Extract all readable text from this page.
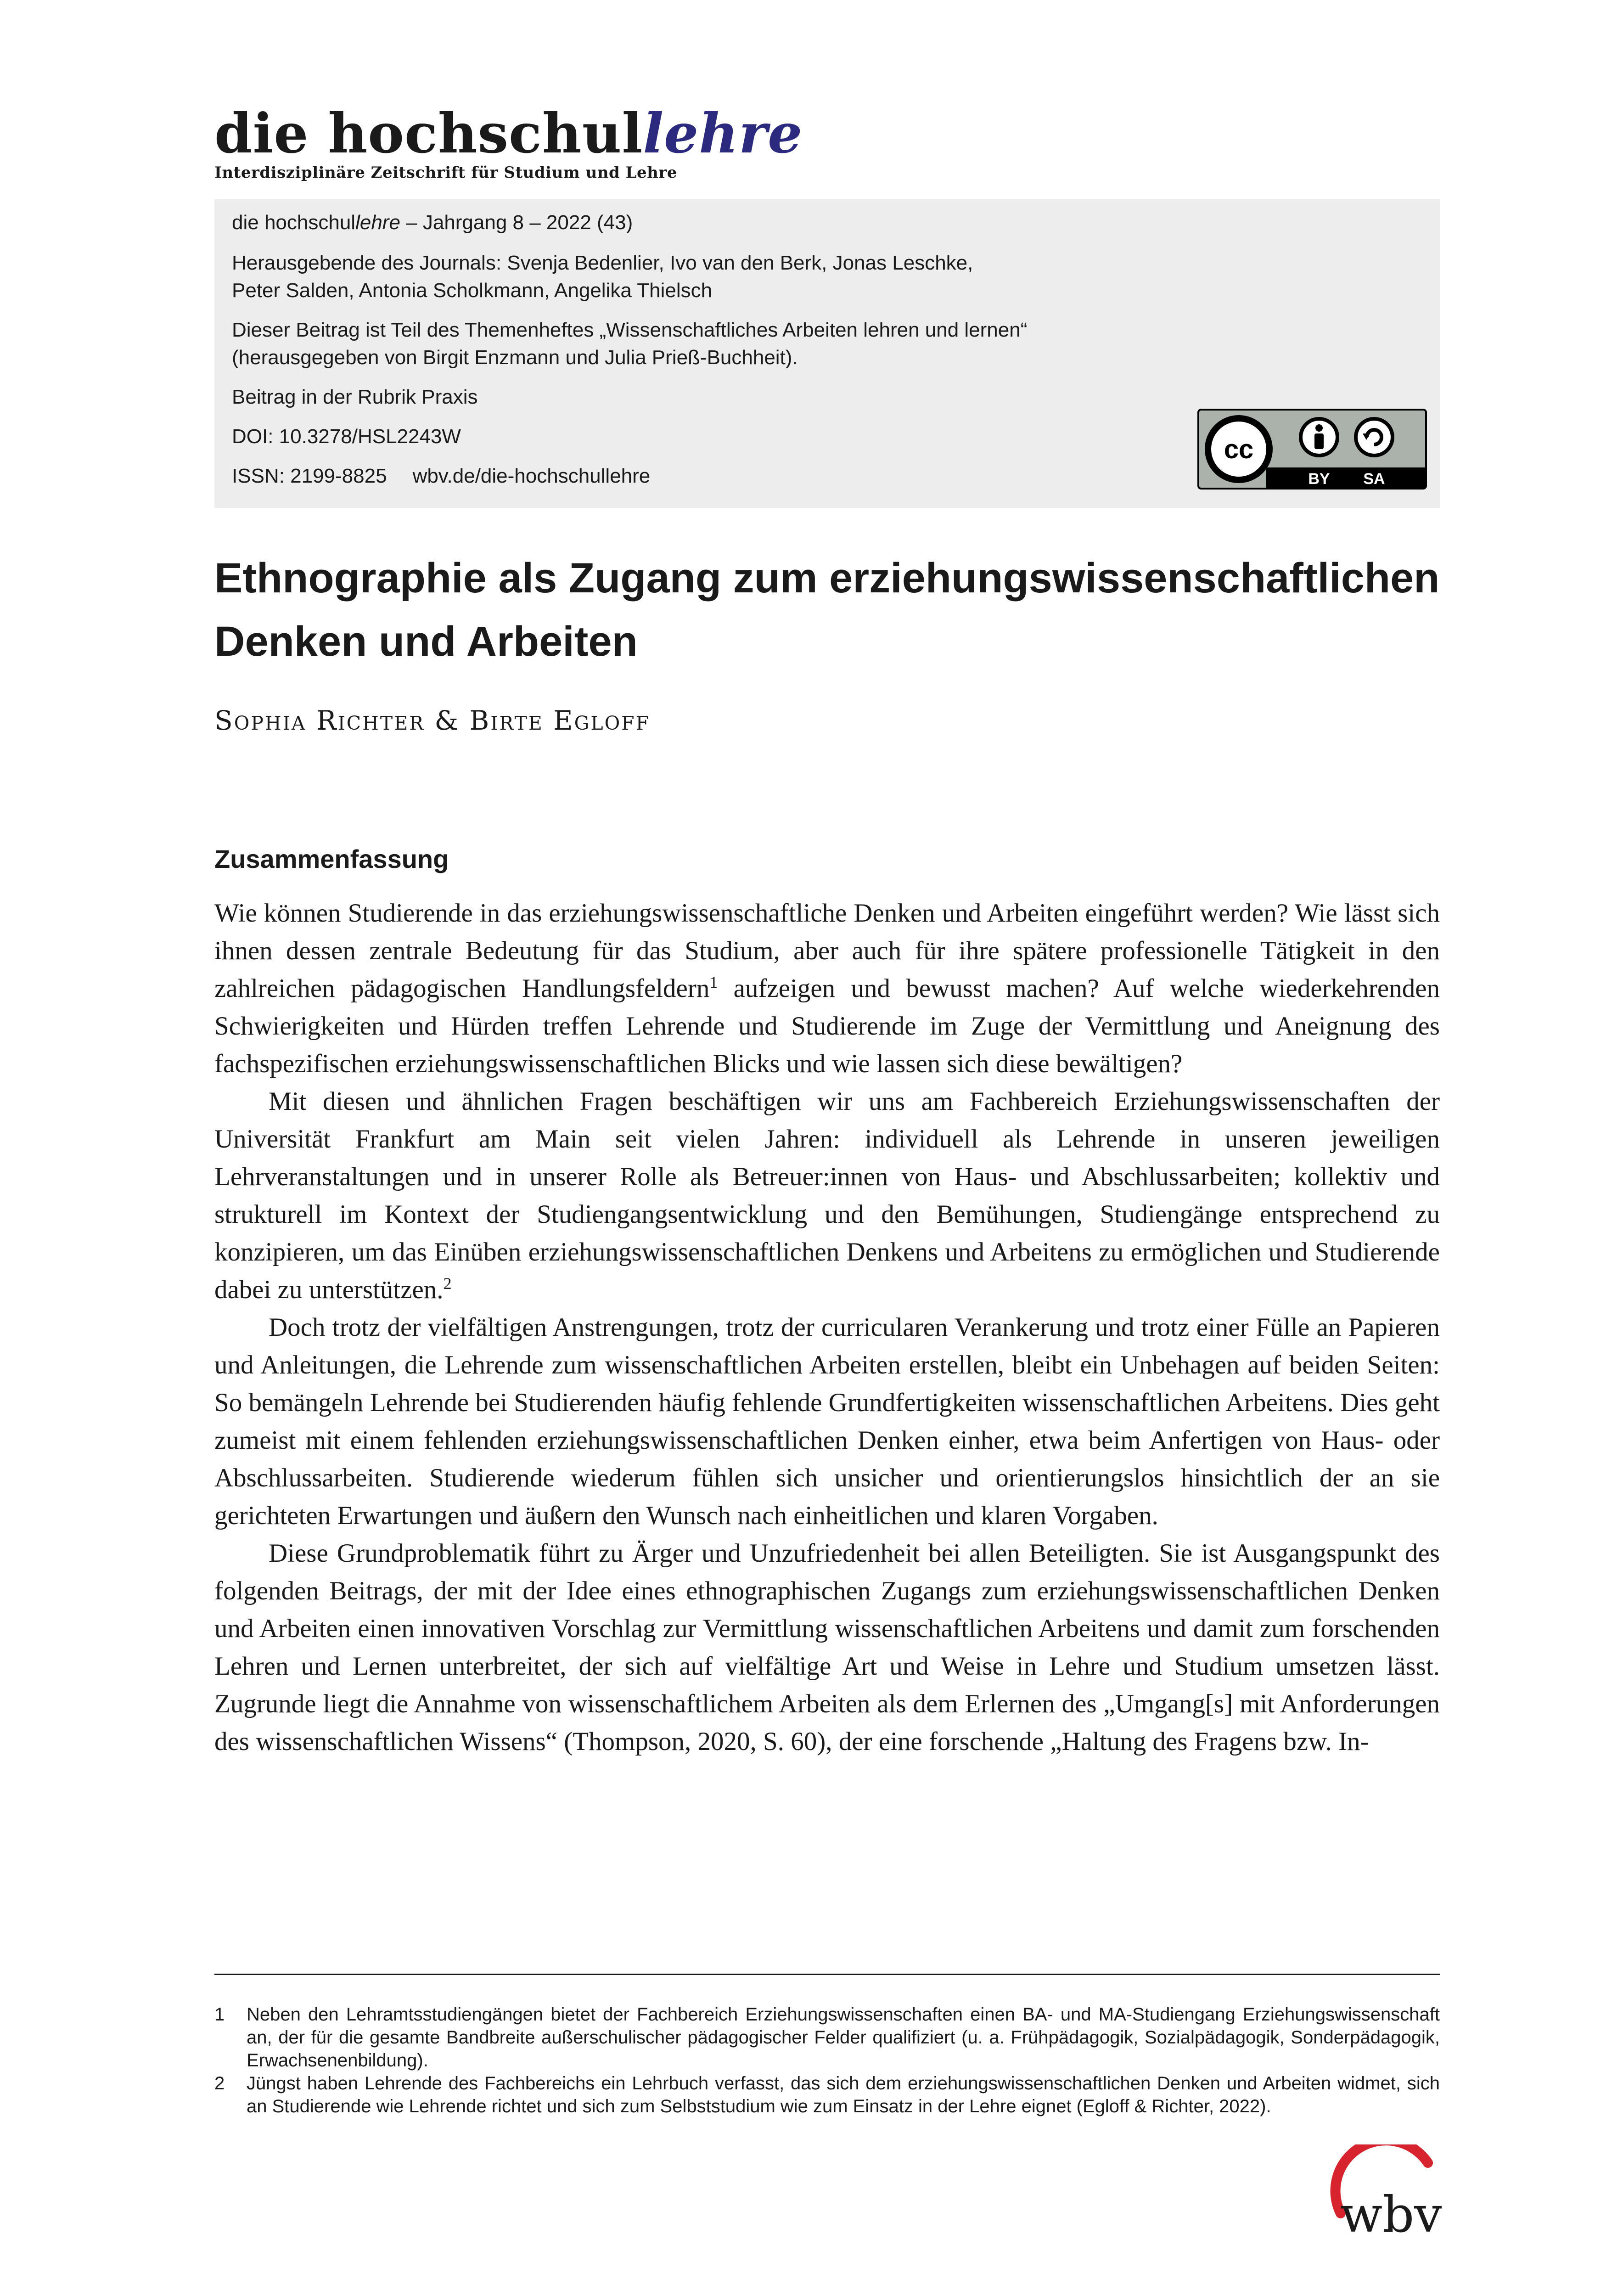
die hochschullehre
Interdisziplinäre Zeitschrift für Studium und Lehre
die hochschullehre – Jahrgang 8 – 2022 (43)
Herausgebende des Journals: Svenja Bedenlier, Ivo van den Berk, Jonas Leschke,
Peter Salden, Antonia Scholkmann, Angelika Thielsch
Dieser Beitrag ist Teil des Themenheftes „Wissenschaftliches Arbeiten lehren und lernen“
(herausgegeben von Birgit Enzmann und Julia Prieß-Buchheit).
Beitrag in der Rubrik Praxis
DOI: 10.3278/HSL2243W
ISSN: 2199-8825 wbv.de/die-hochschullehre
cc
BY SA
Ethnographie als Zugang zum erziehungswissenschaftlichen Denken und Arbeiten
Sophia Richter & Birte Egloff
Zusammenfassung

Wie können Studierende in das erziehungswissenschaftliche Denken und Arbeiten eingeführt werden? Wie lässt sich ihnen dessen zentrale Bedeutung für das Studium, aber auch für ihre spätere professionelle Tätigkeit in den zahlreichen pädagogischen Handlungsfeldern$^1$ aufzeigen und bewusst machen? Auf welche wiederkehrenden Schwierigkeiten und Hürden treffen Lehrende und Studierende im Zuge der Vermittlung und Aneignung des fachspezifischen erziehungswissenschaftlichen Blicks und wie lassen sich diese bewältigen?

Mit diesen und ähnlichen Fragen beschäftigen wir uns am Fachbereich Erziehungswissenschaften der Universität Frankfurt am Main seit vielen Jahren: individuell als Lehrende in unseren jeweiligen Lehrveranstaltungen und in unserer Rolle als Betreuer:innen von Haus- und Abschlussarbeiten; kollektiv und strukturell im Kontext der Studiengangsentwicklung und den Bemühungen, Studiengänge entsprechend zu konzipieren, um das Einüben erziehungswissenschaftlichen Denkens und Arbeitens zu ermöglichen und Studierende dabei zu unterstützen.$^2$

Doch trotz der vielfältigen Anstrengungen, trotz der curricularen Verankerung und trotz einer Fülle an Papieren und Anleitungen, die Lehrende zum wissenschaftlichen Arbeiten erstellen, bleibt ein Unbehagen auf beiden Seiten: So bemängeln Lehrende bei Studierenden häufig fehlende Grundfertigkeiten wissenschaftlichen Arbeitens. Dies geht zumeist mit einem fehlenden erziehungswissenschaftlichen Denken einher, etwa beim Anfertigen von Haus- oder Abschlussarbeiten. Studierende wiederum fühlen sich unsicher und orientierungslos hinsichtlich der an sie gerichteten Erwartungen und äußern den Wunsch nach einheitlichen und klaren Vorgaben.

Diese Grundproblematik führt zu Ärger und Unzufriedenheit bei allen Beteiligten. Sie ist Ausgangspunkt des folgenden Beitrags, der mit der Idee eines ethnographischen Zugangs zum erziehungswissenschaftlichen Denken und Arbeiten einen innovativen Vorschlag zur Vermittlung wissenschaftlichen Arbeitens und damit zum forschenden Lehren und Lernen unterbreitet, der sich auf vielfältige Art und Weise in Lehre und Studium umsetzen lässt. Zugrunde liegt die Annahme von wissenschaftlichem Arbeiten als dem Erlernen des „Umgang[s] mit Anforderungen des wissenschaftlichen Wissens“ (Thompson, 2020, S. 60), der eine forschende „Haltung des Fragens bzw. In-

1	Neben den Lehramtsstudiengängen bietet der Fachbereich Erziehungswissenschaften einen BA- und MA-Studiengang Erziehungswissenschaft an, der für die gesamte Bandbreite außerschulischer pädagogischer Felder qualifiziert (u. a. Frühpädagogik, Sozialpädagogik, Sonderpädagogik, Erwachsenenbildung).
2	Jüngst haben Lehrende des Fachbereichs ein Lehrbuch verfasst, das sich dem erziehungswissenschaftlichen Denken und Arbeiten widmet, sich an Studierende wie Lehrende richtet und sich zum Selbststudium wie zum Einsatz in der Lehre eignet (Egloff & Richter, 2022).
wbv
